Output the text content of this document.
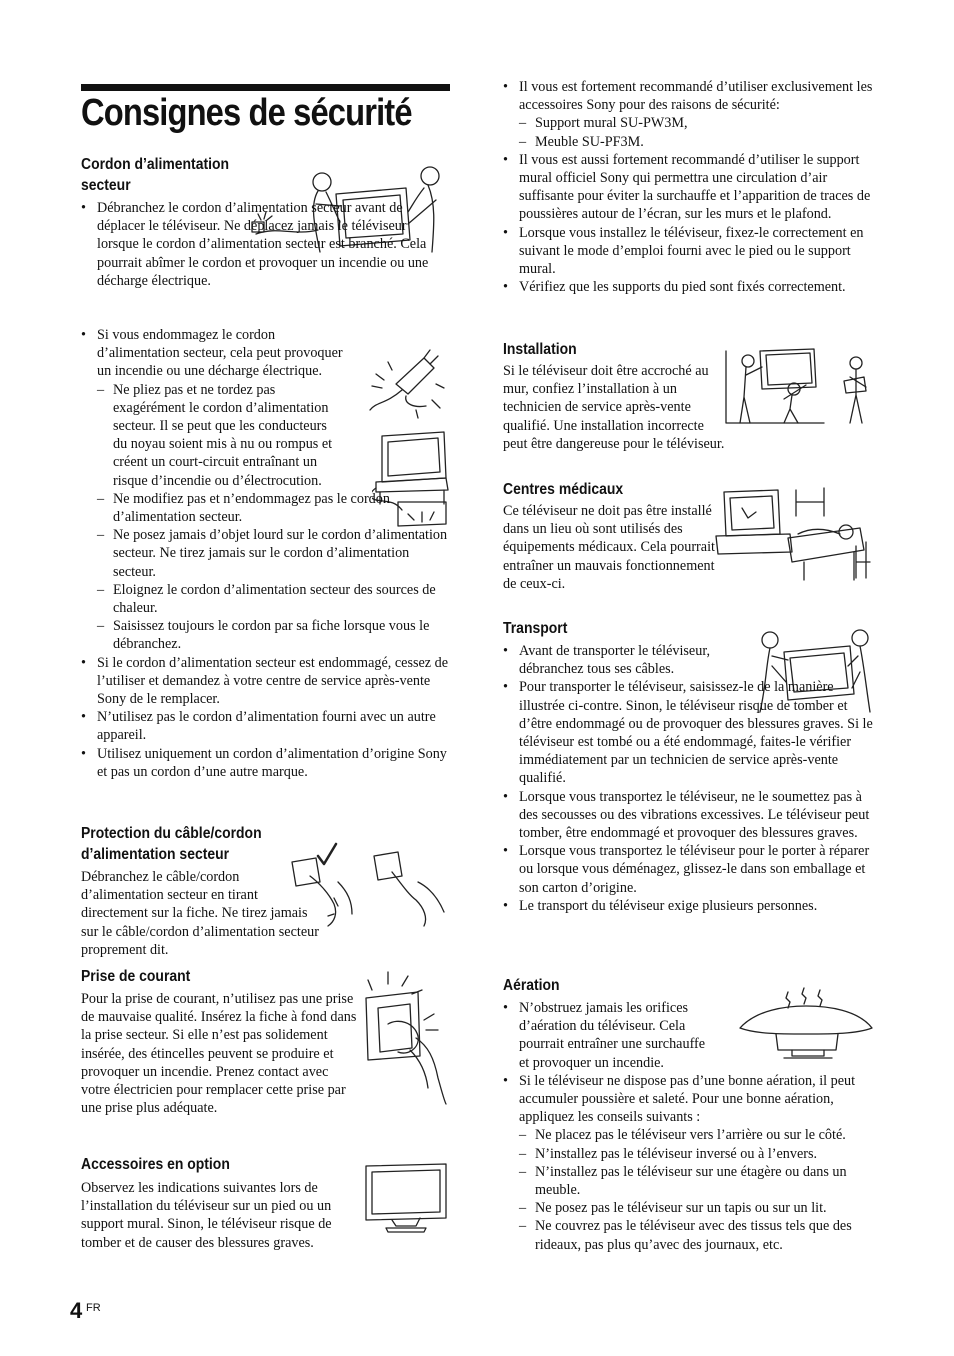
Consignes de sécurité
Cordon d’alimentation
secteur
• Débranchez le cordon d’alimentation secteur avant de déplacer le téléviseur. Ne déplacez jamais le téléviseur lorsque le cordon d’alimentation secteur est branché. Cela pourrait abîmer le cordon et provoquer un incendie ou une décharge électrique.
• Si vous endommagez le cordon d’alimentation secteur, cela peut provoquer un incendie ou une décharge électrique.
– Ne pliez pas et ne tordez pas exagérément le cordon d’alimentation secteur. Il se peut que les conducteurs du noyau soient mis à nu ou rompus et créent un court-circuit entraînant un risque d’incendie ou d’électrocution.
– Ne modifiez pas et n’endommagez pas le cordon d’alimentation secteur.
– Ne posez jamais d’objet lourd sur le cordon d’alimentation secteur. Ne tirez jamais sur le cordon d’alimentation secteur.
– Eloignez le cordon d’alimentation secteur des sources de chaleur.
– Saisissez toujours le cordon par sa fiche lorsque vous le débranchez.
• Si le cordon d’alimentation secteur est endommagé, cessez de l’utiliser et demandez à votre centre de service après-vente Sony de le remplacer.
• N’utilisez pas le cordon d’alimentation fourni avec un autre appareil.
• Utilisez uniquement un cordon d’alimentation d’origine Sony et pas un cordon d’une autre marque.
Protection du câble/cordon
d’alimentation secteur
Débranchez le câble/cordon d’alimentation secteur en tirant directement sur la fiche. Ne tirez jamais sur le câble/cordon d’alimentation secteur proprement dit.
Prise de courant
Pour la prise de courant, n’utilisez pas une prise de mauvaise qualité. Insérez la fiche à fond dans la prise secteur. Si elle n’est pas solidement insérée, des étincelles peuvent se produire et provoquer un incendie. Prenez contact avec votre électricien pour remplacer cette prise par une prise plus adéquate.
Accessoires en option
Observez les indications suivantes lors de l’installation du téléviseur sur un pied ou un support mural. Sinon, le téléviseur risque de tomber et de causer des blessures graves.
• Il vous est fortement recommandé d’utiliser exclusivement les accessoires Sony pour des raisons de sécurité:
– Support mural SU-PW3M,
– Meuble SU-PF3M.
• Il vous est aussi fortement recommandé d’utiliser le support mural officiel Sony qui permettra une circulation d’air suffisante pour éviter la surchauffe et l’apparition de traces de poussières autour de l’écran, sur les murs et le plafond.
• Lorsque vous installez le téléviseur, fixez-le correctement en suivant le mode d’emploi fourni avec le pied ou le support mural.
• Vérifiez que les supports du pied sont fixés correctement.
Installation
Si le téléviseur doit être accroché au mur, confiez l’installation à un technicien de service après-vente qualifié. Une installation incorrecte peut être dangereuse pour le téléviseur.
Centres médicaux
Ce téléviseur ne doit pas être installé dans un lieu où sont utilisés des équipements médicaux. Cela pourrait entraîner un mauvais fonctionnement de ceux-ci.
Transport
• Avant de transporter le téléviseur, débranchez tous ses câbles.
• Pour transporter le téléviseur, saisissez-le de la manière illustrée ci-contre. Sinon, le téléviseur risque de tomber et d’être endommagé ou de provoquer des blessures graves. Si le téléviseur est tombé ou a été endommagé, faites-le vérifier immédiatement par un technicien de service après-vente qualifié.
• Lorsque vous transportez le téléviseur, ne le soumettez pas à des secousses ou des vibrations excessives. Le téléviseur peut tomber, être endommagé et provoquer des blessures graves.
• Lorsque vous transportez le téléviseur pour le porter à réparer ou lorsque vous déménagez, glissez-le dans son emballage et son carton d’origine.
• Le transport du téléviseur exige plusieurs personnes.
Aération
• N’obstruez jamais les orifices d’aération du téléviseur. Cela pourrait entraîner une surchauffe et provoquer un incendie.
• Si le téléviseur ne dispose pas d’une bonne aération, il peut accumuler poussière et saleté. Pour une bonne aération, appliquez les conseils suivants :
– Ne placez pas le téléviseur vers l’arrière ou sur le côté.
– N’installez pas le téléviseur inversé ou à l’envers.
– N’installez pas le téléviseur sur une étagère ou dans un meuble.
– Ne posez pas le téléviseur sur un tapis ou sur un lit.
– Ne couvrez pas le téléviseur avec des tissus tels que des rideaux, pas plus qu’avec des journaux, etc.
4 FR
